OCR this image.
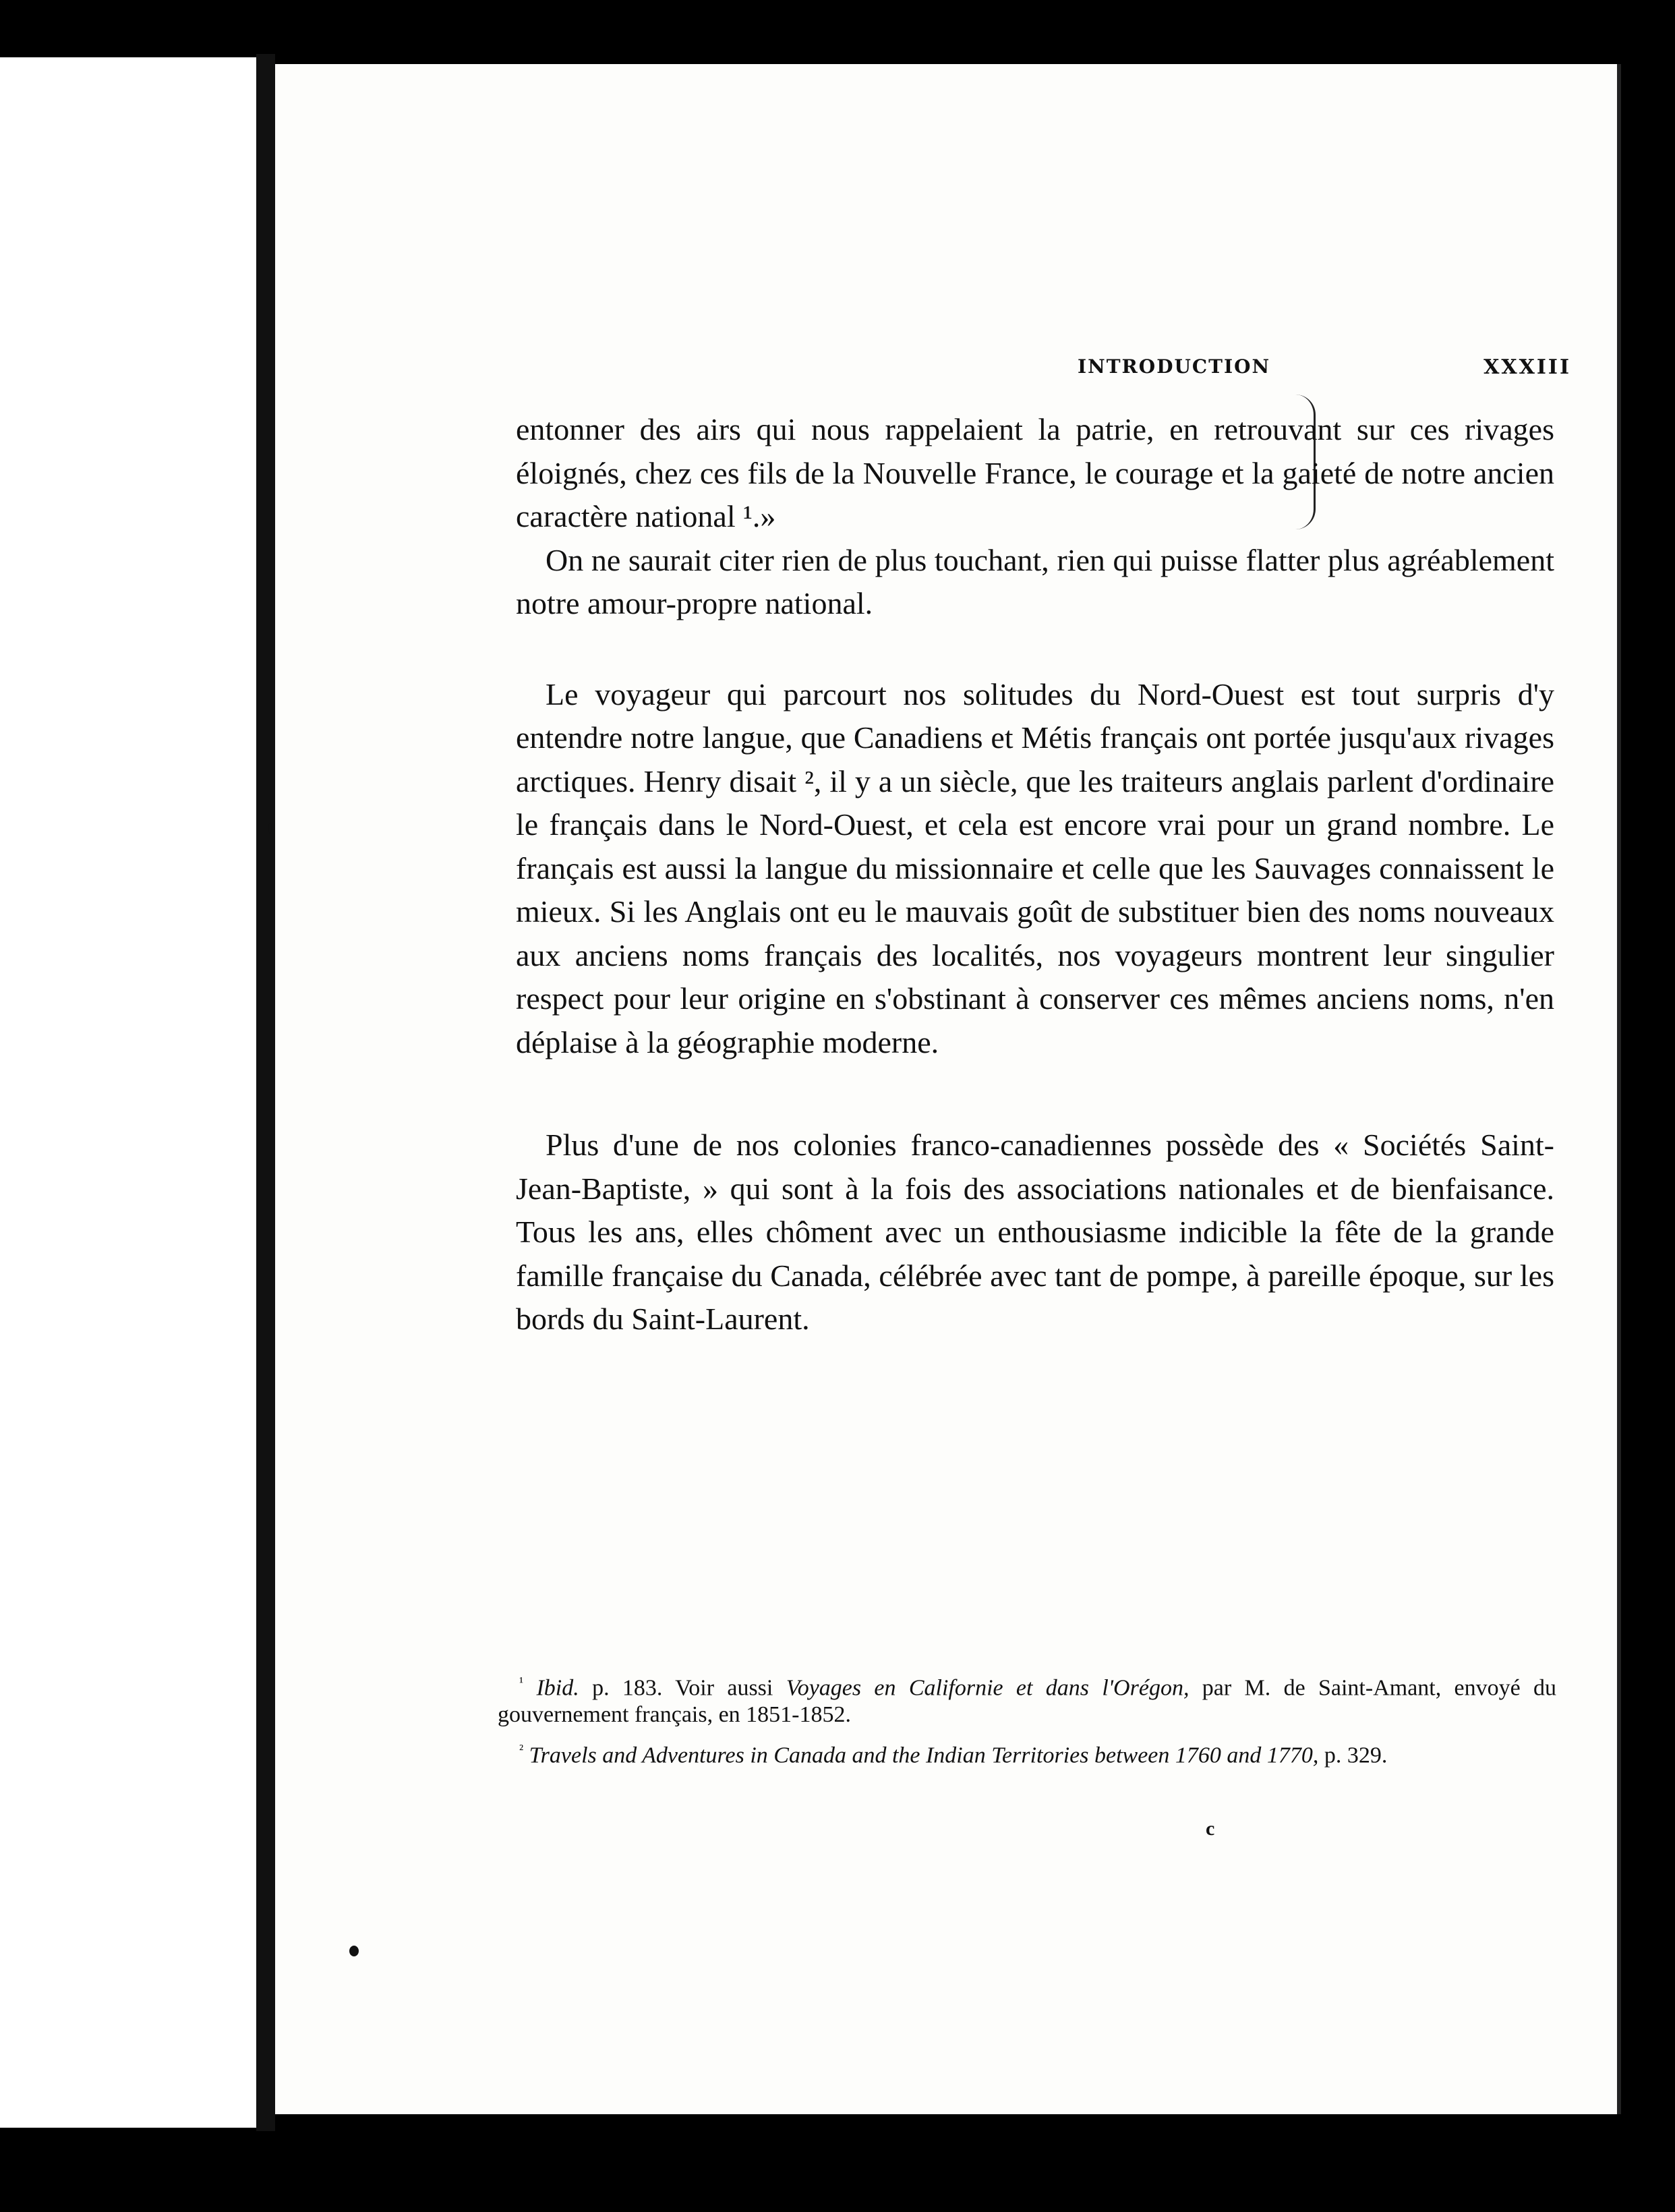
INTRODUCTION	XXXIII

entonner des airs qui nous rappelaient la patrie, en retrouvant sur ces rivages éloignés, chez ces fils de la Nouvelle France, le courage et la gaieté de notre ancien caractère national ¹.»

On ne saurait citer rien de plus touchant, rien qui puisse flatter plus agréablement notre amour-propre national.

Le voyageur qui parcourt nos solitudes du Nord-Ouest est tout surpris d'y entendre notre langue, que Canadiens et Métis français ont portée jusqu'aux rivages arctiques. Henry disait ², il y a un siècle, que les traiteurs anglais parlent d'ordinaire le français dans le Nord-Ouest, et cela est encore vrai pour un grand nombre. Le français est aussi la langue du missionnaire et celle que les Sauvages connaissent le mieux. Si les Anglais ont eu le mauvais goût de substituer bien des noms nouveaux aux anciens noms français des localités, nos voyageurs montrent leur singulier respect pour leur origine en s'obstinant à conserver ces mêmes anciens noms, n'en déplaise à la géographie moderne.

Plus d'une de nos colonies franco-canadiennes possède des « Sociétés Saint-Jean-Baptiste, » qui sont à la fois des associations nationales et de bienfaisance. Tous les ans, elles chôment avec un enthousiasme indicible la fête de la grande famille française du Canada, célébrée avec tant de pompe, à pareille époque, sur les bords du Saint-Laurent.

$^{^1}$ Ibid. p. 183. Voir aussi Voyages en Californie et dans l'Orégon, par M. de Saint-Amant, envoyé du gouvernement français, en 1851-1852.

$^{^2}$ Travels and Adventures in Canada and the Indian Territories between 1760 and 1770, p. 329.

c
